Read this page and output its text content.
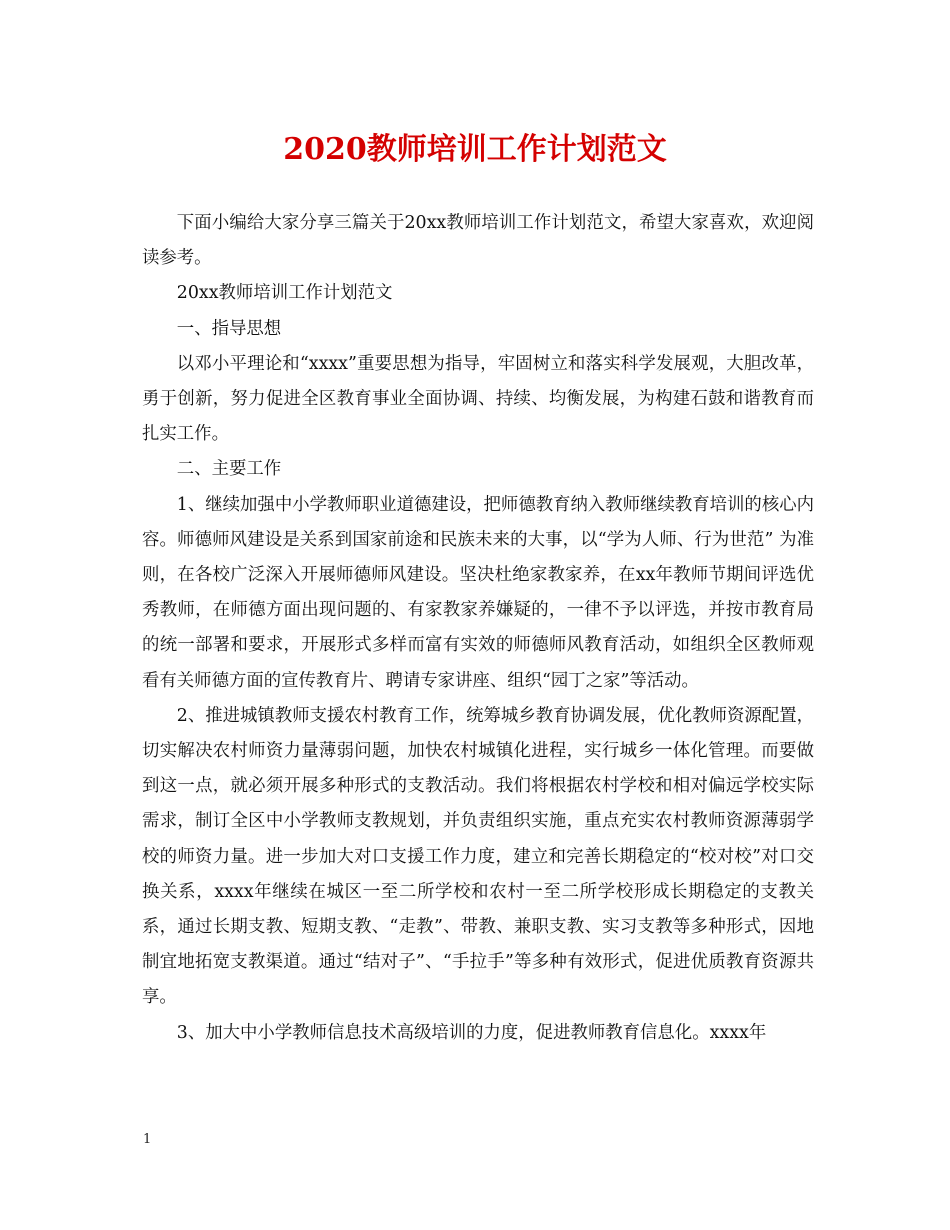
2020教师培训工作计划范文

下面小编给大家分享三篇关于20xx教师培训工作计划范文，希望大家喜欢，欢迎阅读参考。

20xx教师培训工作计划范文

一、指导思想

以邓小平理论和“xxxx”重要思想为指导，牢固树立和落实科学发展观，大胆改革，勇于创新，努力促进全区教育事业全面协调、持续、均衡发展，为构建石鼓和谐教育而扎实工作。

二、主要工作

1、继续加强中小学教师职业道德建设，把师德教育纳入教师继续教育培训的核心内容。师德师风建设是关系到国家前途和民族未来的大事，以“学为人师、行为世范” 为准则，在各校广泛深入开展师德师风建设。坚决杜绝家教家养，在xx年教师节期间评选优秀教师，在师德方面出现问题的、有家教家养嫌疑的，一律不予以评选，并按市教育局的统一部署和要求，开展形式多样而富有实效的师德师风教育活动，如组织全区教师观看有关师德方面的宣传教育片、聘请专家讲座、组织“园丁之家”等活动。

2、推进城镇教师支援农村教育工作，统筹城乡教育协调发展，优化教师资源配置，切实解决农村师资力量薄弱问题，加快农村城镇化进程，实行城乡一体化管理。而要做到这一点，就必须开展多种形式的支教活动。我们将根据农村学校和相对偏远学校实际需求，制订全区中小学教师支教规划，并负责组织实施，重点充实农村教师资源薄弱学校的师资力量。进一步加大对口支援工作力度，建立和完善长期稳定的“校对校”对口交换关系，xxxx年继续在城区一至二所学校和农村一至二所学校形成长期稳定的支教关系，通过长期支教、短期支教、“走教”、带教、兼职支教、实习支教等多种形式，因地制宜地拓宽支教渠道。通过“结对子”、“手拉手”等多种有效形式，促进优质教育资源共享。

3、加大中小学教师信息技术高级培训的力度，促进教师教育信息化。xxxx年

1
